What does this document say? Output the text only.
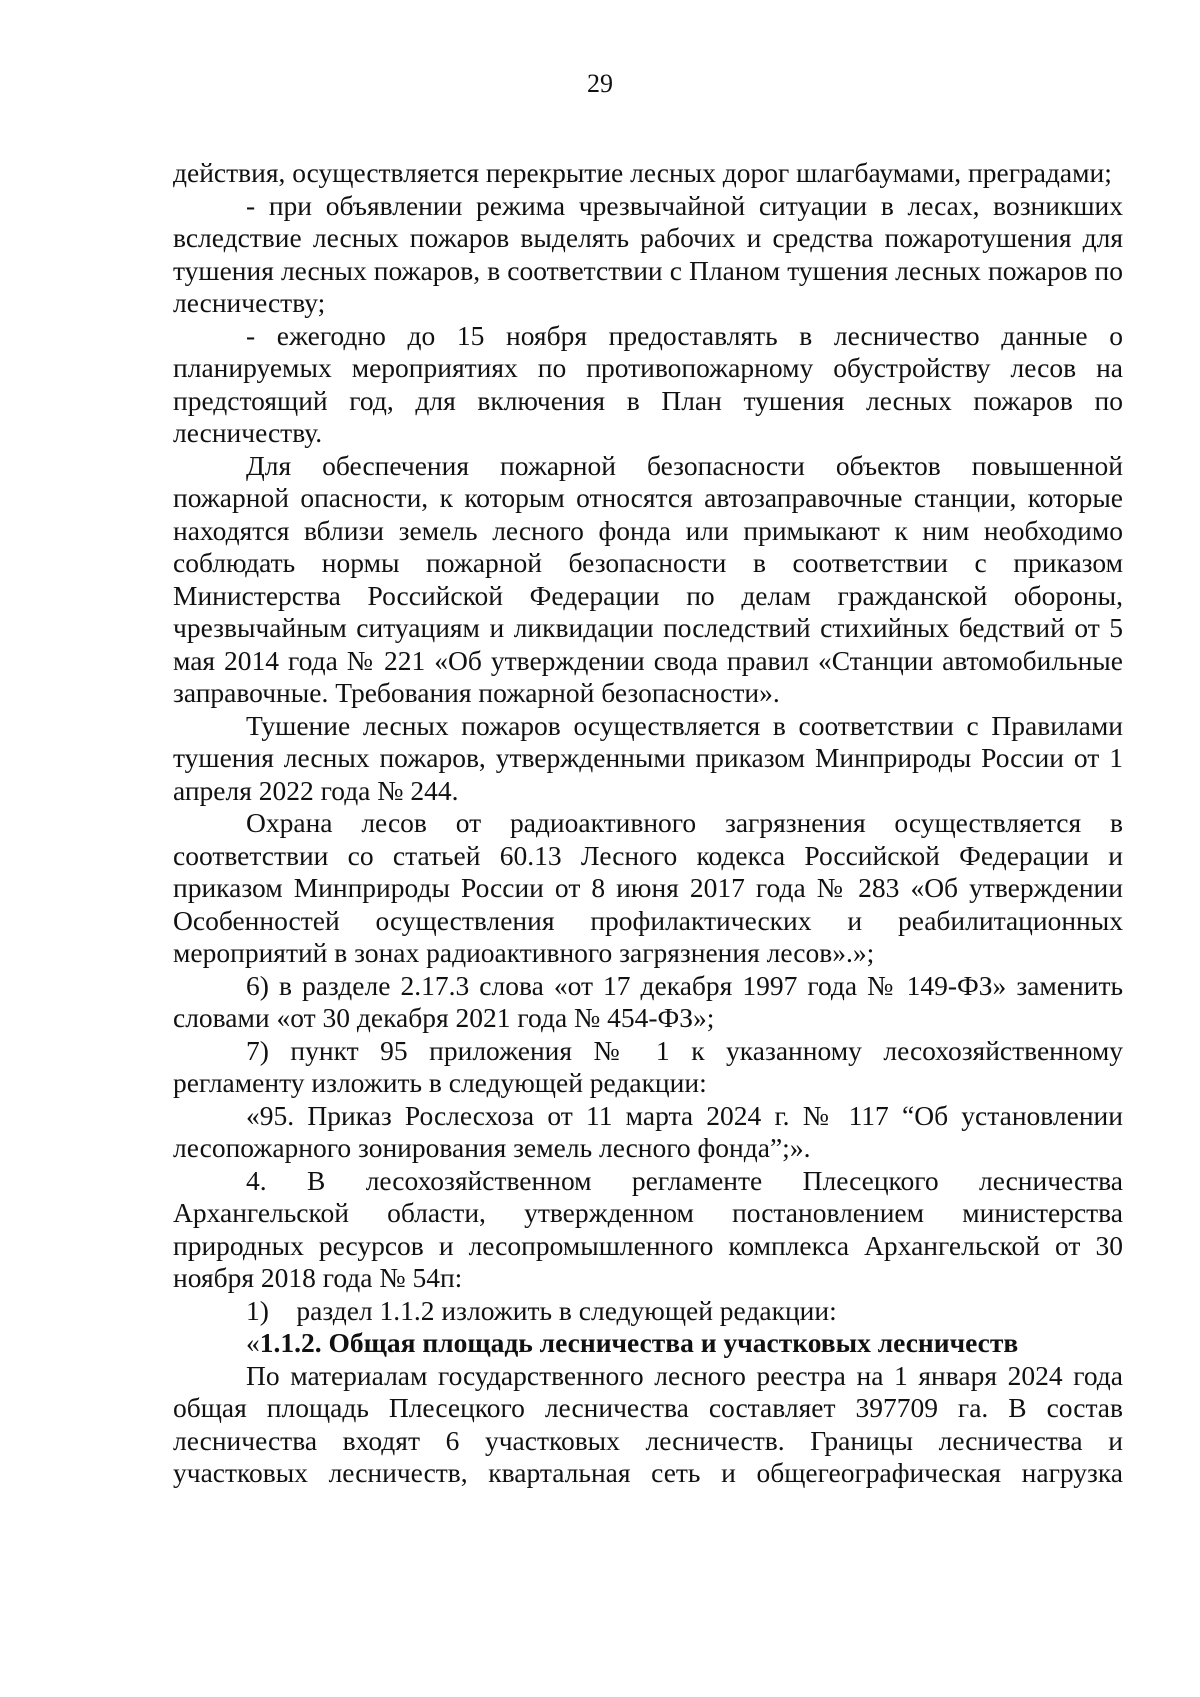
29

действия, осуществляется перекрытие лесных дорог шлагбаумами, преградами;

- при объявлении режима чрезвычайной ситуации в лесах, возникших вследствие лесных пожаров выделять рабочих и средства пожаротушения для тушения лесных пожаров, в соответствии с Планом тушения лесных пожаров по лесничеству;

- ежегодно до 15 ноября предоставлять в лесничество данные о планируемых мероприятиях по противопожарному обустройству лесов на предстоящий год, для включения в План тушения лесных пожаров по лесничеству.

Для обеспечения пожарной безопасности объектов повышенной пожарной опасности, к которым относятся автозаправочные станции, которые находятся вблизи земель лесного фонда или примыкают к ним необходимо соблюдать нормы пожарной безопасности в соответствии с приказом Министерства Российской Федерации по делам гражданской обороны, чрезвычайным ситуациям и ликвидации последствий стихийных бедствий от 5 мая 2014 года № 221 «Об утверждении свода правил «Станции автомобильные заправочные. Требования пожарной безопасности».

Тушение лесных пожаров осуществляется в соответствии с Правилами тушения лесных пожаров, утвержденными приказом Минприроды России от 1 апреля 2022 года № 244.

Охрана лесов от радиоактивного загрязнения осуществляется в соответствии со статьей 60.13 Лесного кодекса Российской Федерации и приказом Минприроды России от 8 июня 2017 года № 283 «Об утверждении Особенностей осуществления профилактических и реабилитационных мероприятий в зонах радиоактивного загрязнения лесов».»;

6) в разделе 2.17.3 слова «от 17 декабря 1997 года № 149-ФЗ» заменить словами «от 30 декабря 2021 года № 454-ФЗ»;

7) пункт 95 приложения № 1 к указанному лесохозяйственному регламенту изложить в следующей редакции:

«95. Приказ Рослесхоза от 11 марта 2024 г. № 117 “Об установлении лесопожарного зонирования земель лесного фонда”;».

4. В лесохозяйственном регламенте Плесецкого лесничества Архангельской области, утвержденном постановлением министерства природных ресурсов и лесопромышленного комплекса Архангельской от 30 ноября 2018 года № 54п:

1)    раздел 1.1.2 изложить в следующей редакции:

«1.1.2. Общая площадь лесничества и участковых лесничеств

По материалам государственного лесного реестра на 1 января 2024 года общая площадь Плесецкого лесничества составляет 397709 га. В состав лесничества входят 6 участковых лесничеств. Границы лесничества и участковых лесничеств, квартальная сеть и общегеографическая нагрузка
